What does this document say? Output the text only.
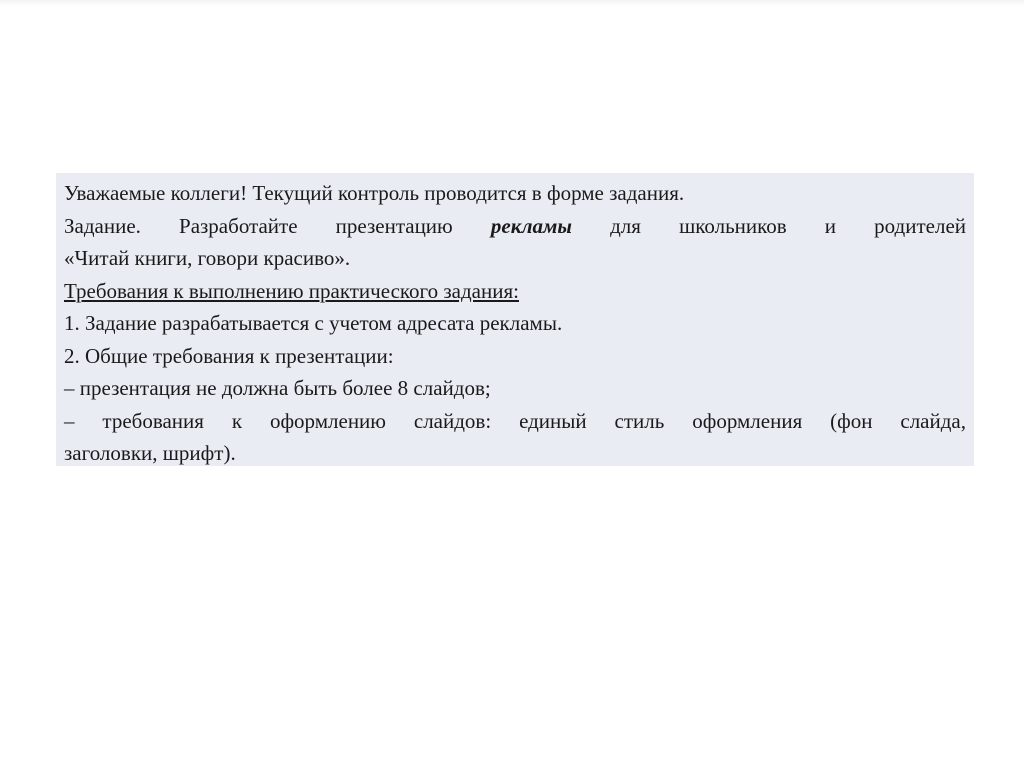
Уважаемые коллеги! Текущий контроль проводится в форме задания.
Задание. Разработайте презентацию рекламы для школьников и родителей
«Читай книги, говори красиво».
Требования к выполнению практического задания:
1. Задание разрабатывается с учетом адресата рекламы.
2. Общие требования к презентации:
– презентация не должна быть более 8 слайдов;
– требования к оформлению слайдов: единый стиль оформления (фон слайда,
заголовки, шрифт).
